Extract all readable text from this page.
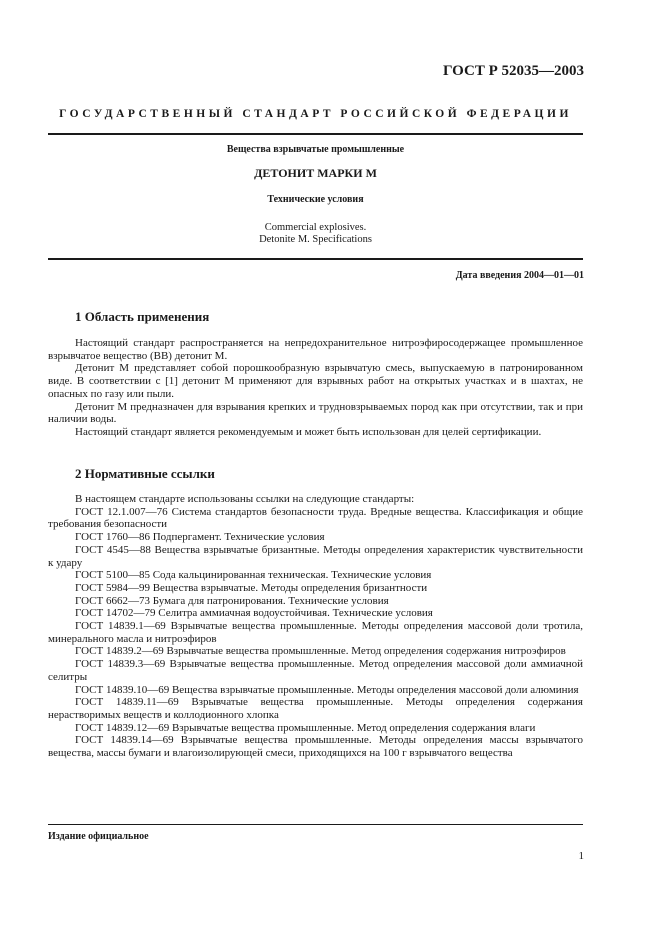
ГОСТ Р 52035—2003
ГОСУДАРСТВЕННЫЙ СТАНДАРТ РОССИЙСКОЙ ФЕДЕРАЦИИ
Вещества взрывчатые промышленные
ДЕТОНИТ МАРКИ М
Технические условия
Commercial explosives.
Detonite M. Specifications
Дата введения 2004—01—01
1 Область применения

Настоящий стандарт распространяется на непредохранительное нитроэфиросодержащее промышленное взрывчатое вещество (ВВ) детонит М.

Детонит М представляет собой порошкообразную взрывчатую смесь, выпускаемую в патронированном виде. В соответствии с [1] детонит М применяют для взрывных работ на открытых участках и в шахтах, не опасных по газу или пыли.

Детонит М предназначен для взрывания крепких и трудновзрываемых пород как при отсутствии, так и при наличии воды.

Настоящий стандарт является рекомендуемым и может быть использован для целей сертификации.

2 Нормативные ссылки

В настоящем стандарте использованы ссылки на следующие стандарты:

ГОСТ 12.1.007—76 Система стандартов безопасности труда. Вредные вещества. Классификация и общие требования безопасности

ГОСТ 1760—86 Подпергамент. Технические условия

ГОСТ 4545—88 Вещества взрывчатые бризантные. Методы определения характеристик чувствительности к удару

ГОСТ 5100—85 Сода кальцинированная техническая. Технические условия

ГОСТ 5984—99 Вещества взрывчатые. Методы определения бризантности

ГОСТ 6662—73 Бумага для патронирования. Технические условия

ГОСТ 14702—79 Селитра аммиачная водоустойчивая. Технические условия

ГОСТ 14839.1—69 Взрывчатые вещества промышленные. Методы определения массовой доли тротила, минерального масла и нитроэфиров

ГОСТ 14839.2—69 Взрывчатые вещества промышленные. Метод определения содержания нитроэфиров

ГОСТ 14839.3—69 Взрывчатые вещества промышленные. Метод определения массовой доли аммиачной селитры

ГОСТ 14839.10—69 Вещества взрывчатые промышленные. Методы определения массовой доли алюминия

ГОСТ 14839.11—69 Взрывчатые вещества промышленные. Методы определения содержания нерастворимых веществ и коллодионного хлопка

ГОСТ 14839.12—69 Взрывчатые вещества промышленные. Метод определения содержания влаги

ГОСТ 14839.14—69 Взрывчатые вещества промышленные. Методы определения массы взрывчатого вещества, массы бумаги и влагоизолирующей смеси, приходящихся на 100 г взрывчатого вещества

Издание официальное
1
